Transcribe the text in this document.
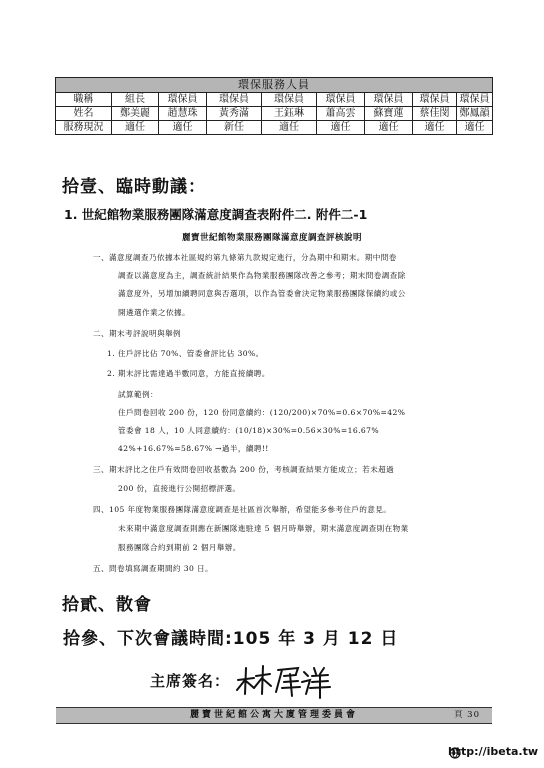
環保服務人員								
職稱	組長	環保員	環保員	環保員	環保員	環保員	環保員	環保員
姓名	鄭美麗	趙慧珠	黃秀滿	王鈺琳	蕭高雲	蘇寶蓮	蔡佳閔	鄭鳳韻
服務現況	適任	適任	新任	適任	適任	適任	適任	適任
拾壹、臨時動議：
1. 世紀館物業服務團隊滿意度調查表附件二. 附件二-1
麗寶世紀館物業服務團隊滿意度調查評核說明
一、滿意度調查乃依據本社區規約第九條第九款規定進行，分為期中和期末。期中問卷
調查以滿意度為主，調查統計結果作為物業服務團隊改善之參考；期末問卷調查除
滿意度外，另增加續聘同意與否選項，以作為管委會決定物業服務團隊保續約或公
開遴選作業之依據。
二、期末考評說明與舉例
1. 住戶評比佔 70%、管委會評比佔 30%。
2. 期末評比需達過半數同意，方能直接續聘。
試算範例：
住戶問卷回收 200 份，120 份同意續約：(120/200)×70%=0.6×70%=42%
管委會 18 人，10 人同意續約：(10/18)×30%=0.56×30%=16.67%
42%+16.67%=58.67% →過半，續聘!!
三、期末評比之住戶有效問卷回收基數為 200 份，考核調查結果方能成立；若未超過
200 份，直接進行公開招標評選。
四、105 年度物業服務團隊滿意度調查是社區首次舉辦，希望能多參考住戶的意見。
未來期中滿意度調查則應在新團隊進駐達 5 個月時舉辦，期末滿意度調查則在物業
服務團隊合約到期前 2 個月舉辦。
五、問卷填寫調查期間約 30 日。
拾貳、散會
拾參、下次會議時間:105 年 3 月 12 日
主席簽名：
麗寶世紀館公寓大廈管理委員會	頁 30
http://ibeta.tw
